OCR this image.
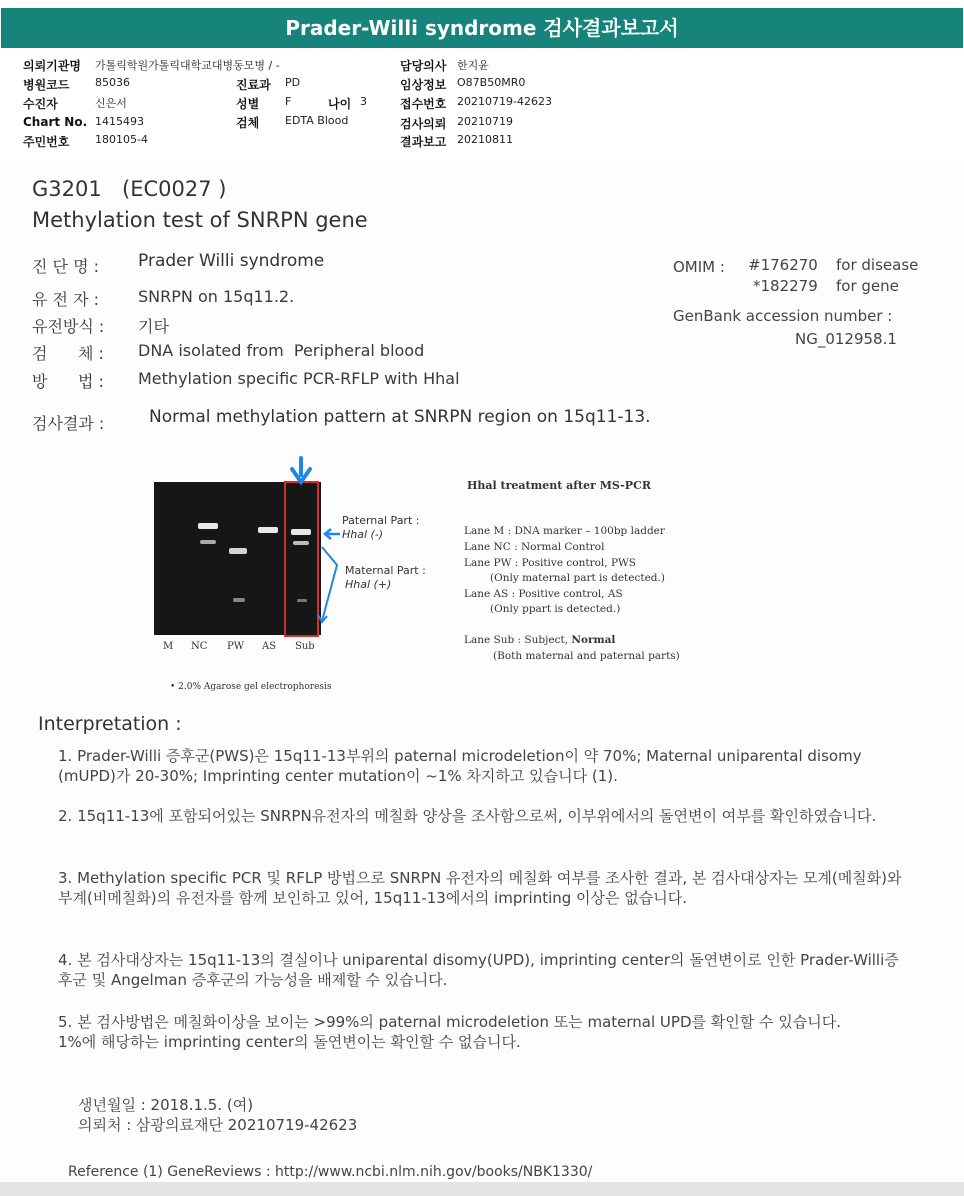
Prader-Willi syndrome 검사결과보고서
의뢰기관명 가톨릭학원가톨릭대학교대병동모병 / -
병원코드 85036
수진자	신은서
Chart No. 1415493
주민번호 180105-4
진료과 PD
성별 F	나이 3
검체 EDTA Blood
담당의사 한지윤
임상정보 O87B50MR0
접수번호 20210719-42623
검사의뢰 20210719
결과보고 20210811
G3201 (EC0027 )
Methylation test of SNRPN gene
진 단 명 : Prader Willi syndrome
유 전 자 : SNRPN on 15q11.2.
유전방식 : 기타
검      체 : DNA isolated from  Peripheral blood
방      법 : Methylation specific PCR-RFLP with Hhal
OMIM : #176270 for disease
*182279 for gene
GenBank accession number :
NG_012958.1
검사결과 :	Normal methylation pattern at SNRPN region on 15q11-13.
M NC PW AS Sub
Paternal Part :
Hhal (-)
Maternal Part :
Hhal (+)
• 2.0% Agarose gel electrophoresis
Hhal treatment after MS-PCR
Lane M : DNA marker – 100bp ladder
Lane NC : Normal Control
Lane PW : Positive control, PWS
(Only maternal part is detected.)
Lane AS : Positive control, AS
(Only ppart is detected.)
Lane Sub : Subject, Normal
(Both maternal and paternal parts)
Interpretation :

1. Prader-Willi 증후군(PWS)은 15q11-13부위의 paternal microdeletion이 약 70%; Maternal uniparental disomy (mUPD)가 20-30%; Imprinting center mutation이 ~1% 차지하고 있습니다 (1).

2. 15q11-13에 포함되어있는 SNRPN유전자의 메칠화 양상을 조사함으로써, 이부위에서의 돌연변이 여부를 확인하였습니다.

3. Methylation specific PCR 및 RFLP 방법으로 SNRPN 유전자의 메칠화 여부를 조사한 결과, 본 검사대상자는 모계(메칠화)와 부계(비메칠화)의 유전자를 함께 보인하고 있어, 15q11-13에서의 imprinting 이상은 없습니다.

4. 본 검사대상자는 15q11-13의 결실이나 uniparental disomy(UPD), imprinting center의 돌연변이로 인한 Prader-Willi증후군 및 Angelman 증후군의 가능성을 배제할 수 있습니다.

5. 본 검사방법은 메칠화이상을 보이는 >99%의 paternal microdeletion 또는 maternal UPD를 확인할 수 있습니다.

1%에 해당하는 imprinting center의 돌연변이는 확인할 수 없습니다.

생년월일 : 2018.1.5. (여)
의뢰처 : 삼광의료재단 20210719-42623
Reference (1) GeneReviews : http://www.ncbi.nlm.nih.gov/books/NBK1330/
